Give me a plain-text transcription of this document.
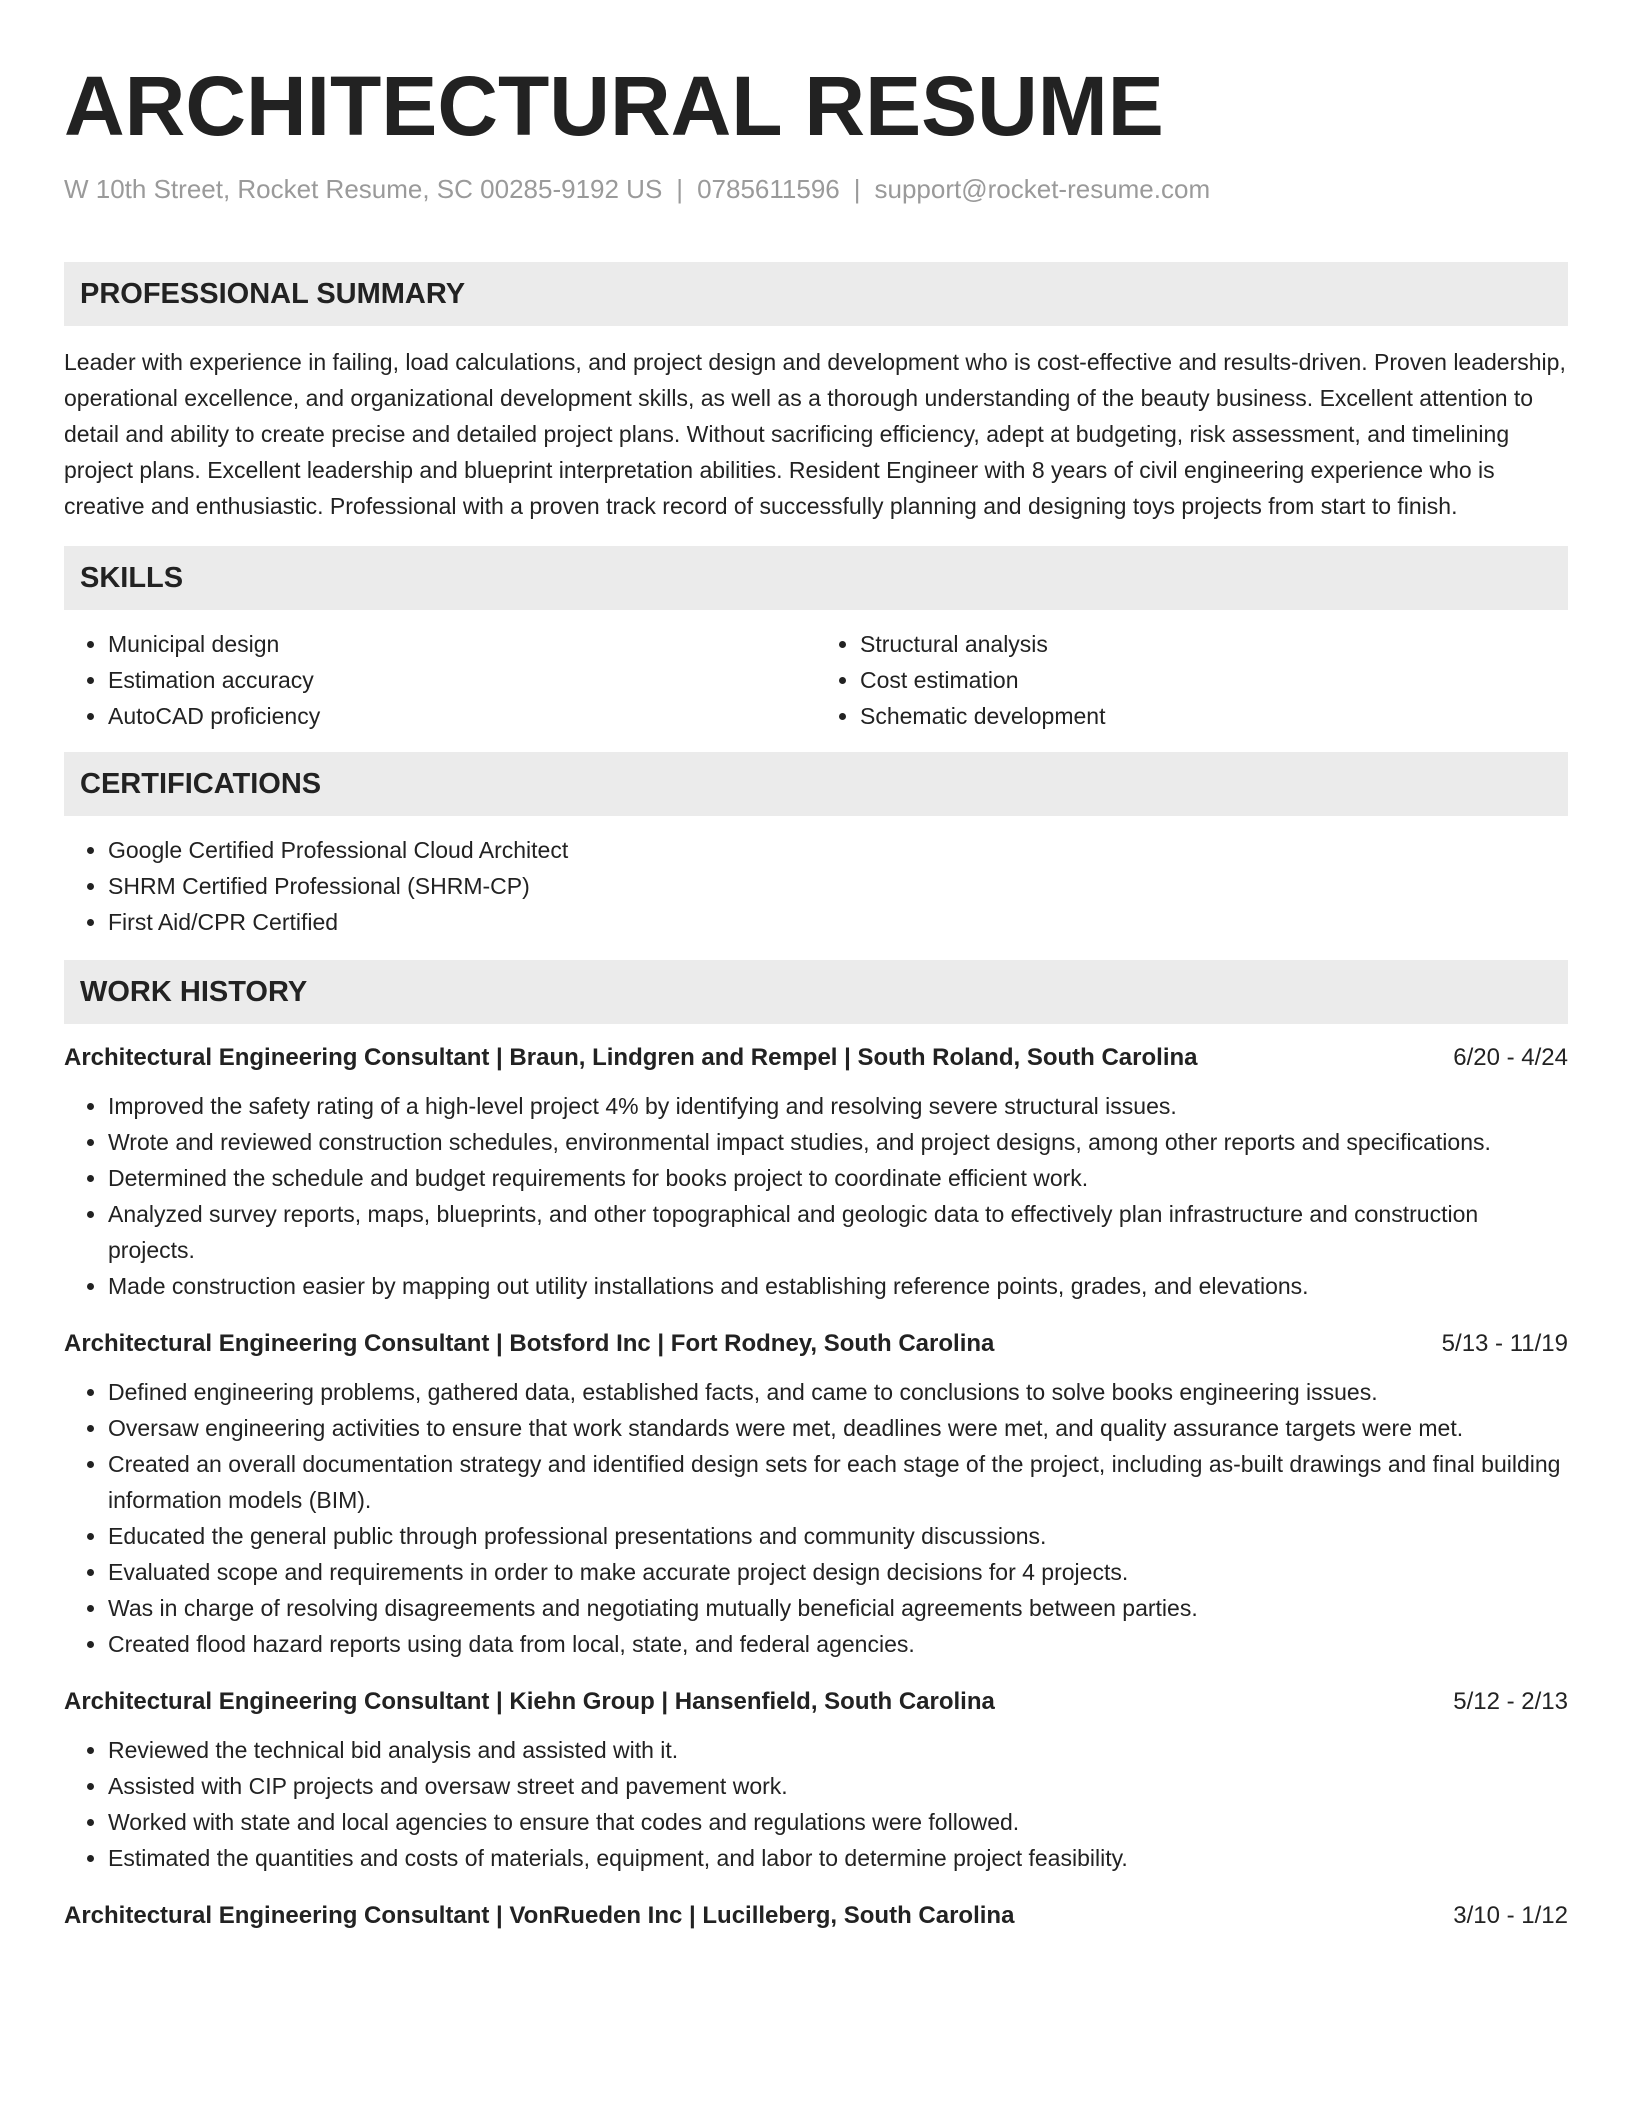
ARCHITECTURAL RESUME
W 10th Street, Rocket Resume, SC 00285-9192 US | 0785611596 | support@rocket-resume.com
PROFESSIONAL SUMMARY

Leader with experience in failing, load calculations, and project design and development who is cost-effective and results-driven. Proven leadership, operational excellence, and organizational development skills, as well as a thorough understanding of the beauty business. Excellent attention to detail and ability to create precise and detailed project plans. Without sacrificing efficiency, adept at budgeting, risk assessment, and timelining project plans. Excellent leadership and blueprint interpretation abilities. Resident Engineer with 8 years of civil engineering experience who is creative and enthusiastic. Professional with a proven track record of successfully planning and designing toys projects from start to finish.

SKILLS
• Municipal design
• Estimation accuracy
• AutoCAD proficiency
• Structural analysis
• Cost estimation
• Schematic development
CERTIFICATIONS
• Google Certified Professional Cloud Architect
• SHRM Certified Professional (SHRM-CP)
• First Aid/CPR Certified
WORK HISTORY
Architectural Engineering Consultant | Braun, Lindgren and Rempel | South Roland, South Carolina	6/20 - 4/24
• Improved the safety rating of a high-level project 4% by identifying and resolving severe structural issues.
• Wrote and reviewed construction schedules, environmental impact studies, and project designs, among other reports and specifications.
• Determined the schedule and budget requirements for books project to coordinate efficient work.
• Analyzed survey reports, maps, blueprints, and other topographical and geologic data to effectively plan infrastructure and construction projects.
• Made construction easier by mapping out utility installations and establishing reference points, grades, and elevations.
Architectural Engineering Consultant | Botsford Inc | Fort Rodney, South Carolina	5/13 - 11/19
• Defined engineering problems, gathered data, established facts, and came to conclusions to solve books engineering issues.
• Oversaw engineering activities to ensure that work standards were met, deadlines were met, and quality assurance targets were met.
• Created an overall documentation strategy and identified design sets for each stage of the project, including as-built drawings and final building information models (BIM).
• Educated the general public through professional presentations and community discussions.
• Evaluated scope and requirements in order to make accurate project design decisions for 4 projects.
• Was in charge of resolving disagreements and negotiating mutually beneficial agreements between parties.
• Created flood hazard reports using data from local, state, and federal agencies.
Architectural Engineering Consultant | Kiehn Group | Hansenfield, South Carolina	5/12 - 2/13
• Reviewed the technical bid analysis and assisted with it.
• Assisted with CIP projects and oversaw street and pavement work.
• Worked with state and local agencies to ensure that codes and regulations were followed.
• Estimated the quantities and costs of materials, equipment, and labor to determine project feasibility.
Architectural Engineering Consultant | VonRueden Inc | Lucilleberg, South Carolina	3/10 - 1/12
